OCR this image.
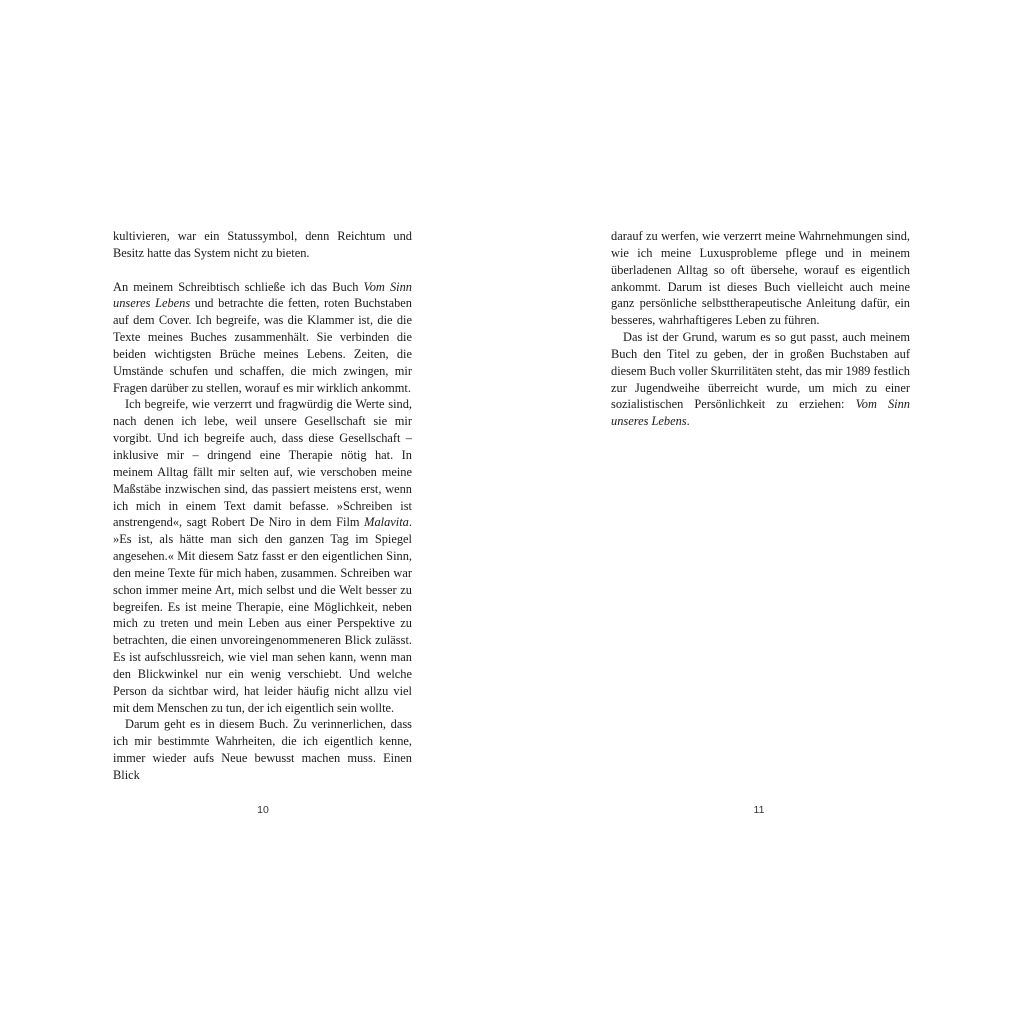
kultivieren, war ein Statussymbol, denn Reichtum und Besitz hatte das System nicht zu bieten.

An meinem Schreibtisch schließe ich das Buch Vom Sinn unseres Lebens und betrachte die fetten, roten Buchstaben auf dem Cover. Ich begreife, was die Klammer ist, die die Texte meines Buches zusammenhält. Sie verbinden die beiden wichtigsten Brüche meines Lebens. Zeiten, die Umstände schufen und schaffen, die mich zwingen, mir Fragen darüber zu stellen, worauf es mir wirklich ankommt.

Ich begreife, wie verzerrt und fragwürdig die Werte sind, nach denen ich lebe, weil unsere Gesellschaft sie mir vorgibt. Und ich begreife auch, dass diese Gesellschaft – inklusive mir – dringend eine Therapie nötig hat. In meinem Alltag fällt mir selten auf, wie verschoben meine Maßstäbe inzwischen sind, das passiert meistens erst, wenn ich mich in einem Text damit befasse. »Schreiben ist anstrengend«, sagt Robert De Niro in dem Film Malavita. »Es ist, als hätte man sich den ganzen Tag im Spiegel angesehen.« Mit diesem Satz fasst er den eigentlichen Sinn, den meine Texte für mich haben, zusammen. Schreiben war schon immer meine Art, mich selbst und die Welt besser zu begreifen. Es ist meine Therapie, eine Möglichkeit, neben mich zu treten und mein Leben aus einer Perspektive zu betrachten, die einen unvoreingenommeneren Blick zulässt. Es ist aufschlussreich, wie viel man sehen kann, wenn man den Blickwinkel nur ein wenig verschiebt. Und welche Person da sichtbar wird, hat leider häufig nicht allzu viel mit dem Menschen zu tun, der ich eigentlich sein wollte.

Darum geht es in diesem Buch. Zu verinnerlichen, dass ich mir bestimmte Wahrheiten, die ich eigentlich kenne, immer wieder aufs Neue bewusst machen muss. Einen Blick

10

darauf zu werfen, wie verzerrt meine Wahrnehmungen sind, wie ich meine Luxusprobleme pflege und in meinem überladenen Alltag so oft übersehe, worauf es eigentlich ankommt. Darum ist dieses Buch vielleicht auch meine ganz persönliche selbsttherapeutische Anleitung dafür, ein besseres, wahrhaftigeres Leben zu führen.

Das ist der Grund, warum es so gut passt, auch meinem Buch den Titel zu geben, der in großen Buchstaben auf diesem Buch voller Skurrilitäten steht, das mir 1989 festlich zur Jugendweihe überreicht wurde, um mich zu einer sozialistischen Persönlichkeit zu erziehen: Vom Sinn unseres Lebens.

11
